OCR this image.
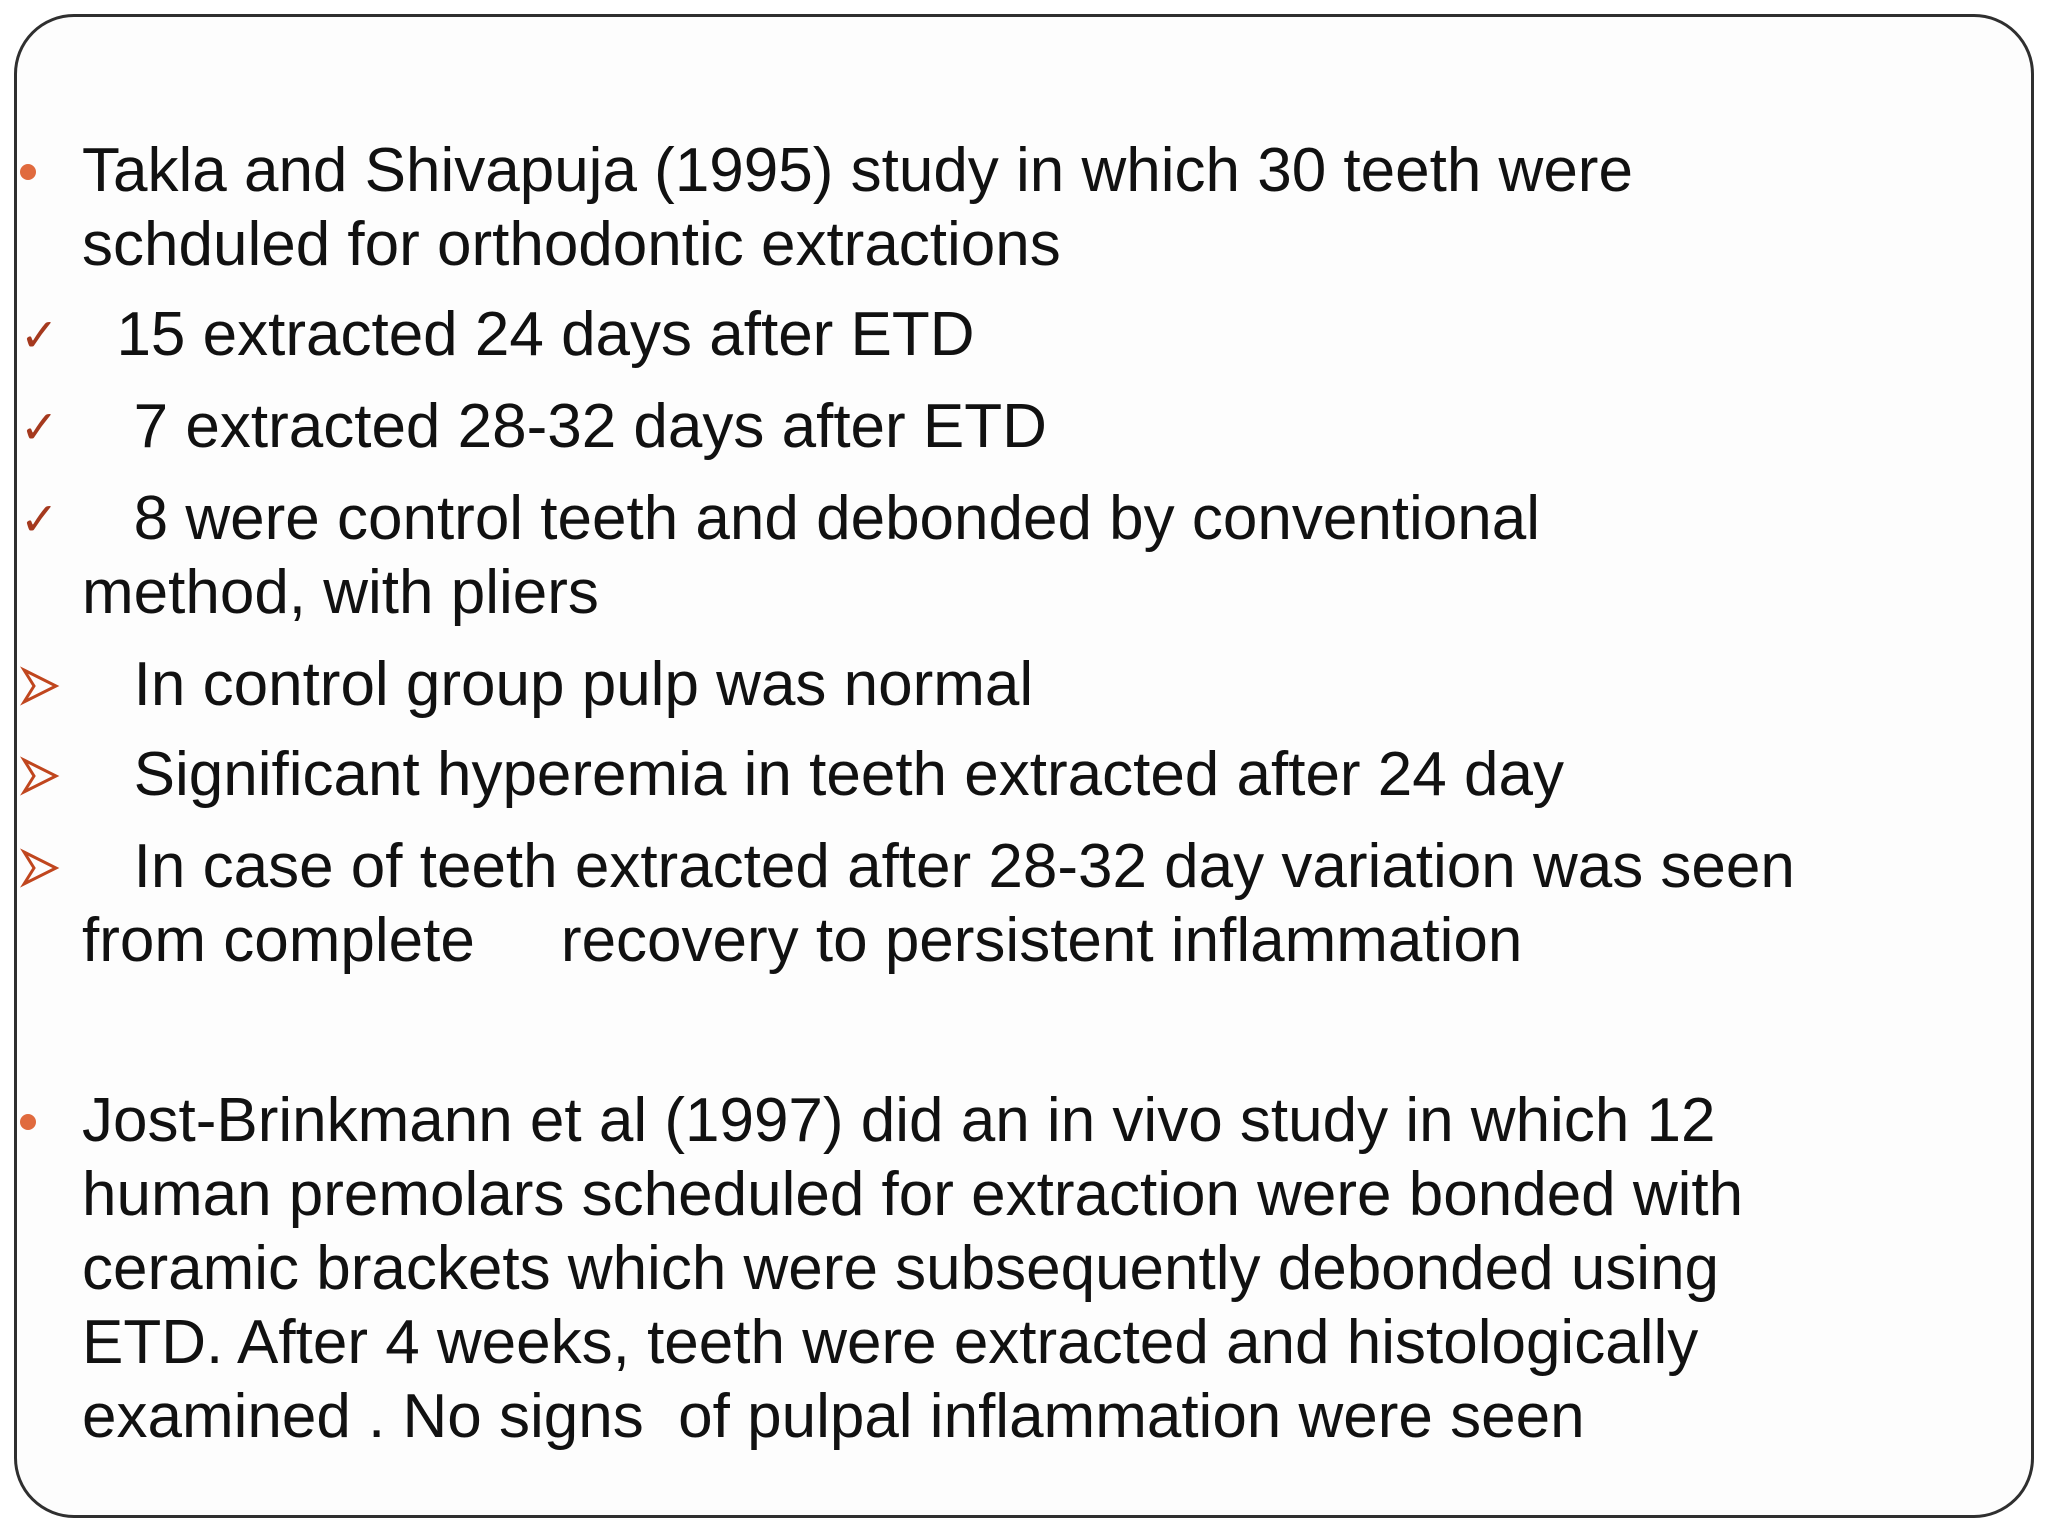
Takla and Shivapuja (1995) study in which 30 teeth were
schduled for orthodontic extractions
✓ 15 extracted 24 days after ETD
✓ 7 extracted 28-32 days after ETD
✓ 8 were control teeth and debonded by conventional
method, with pliers
In control group pulp was normal
Significant hyperemia in teeth extracted after 24 day
In case of teeth extracted after 28-32 day variation was seen
from complete     recovery to persistent inflammation
Jost-Brinkmann et al (1997) did an in vivo study in which 12
human premolars scheduled for extraction were bonded with
ceramic brackets which were subsequently debonded using
ETD. After 4 weeks, teeth were extracted and histologically
examined . No signs  of pulpal inflammation were seen
